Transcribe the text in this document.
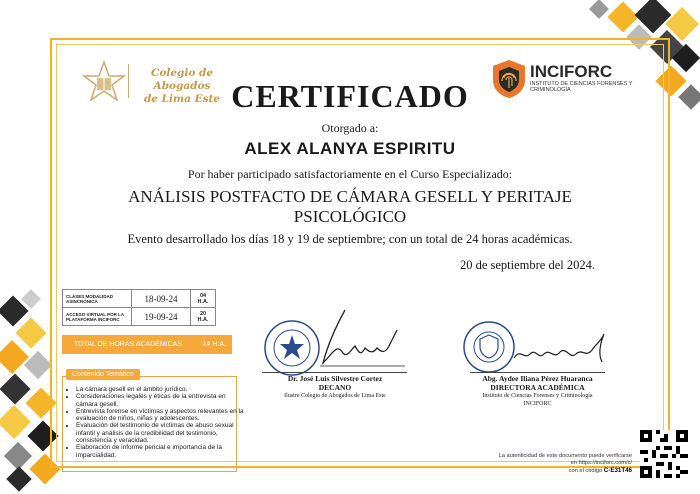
Colegio de Abogados
de Lima Este
INCIFORC
INSTITUTO DE CIENCIAS FORENSES Y CRIMINOLOGÍA
CERTIFICADO
Otorgado a:
ALEX ALANYA ESPIRITU
Por haber participado satisfactoriamente en el Curso Especializado:
ANÁLISIS POSTFACTO DE CÁMARA GESELL Y PERITAJE PSICOLÓGICO
Evento desarrollado los días 18 y 19 de septiembre; con un total de 24 horas académicas.
20 de septiembre del 2024.
CLASES MODALIDAD ASINCRÓNICA	18-09-24	04 H.A.
ACCESO VIRTUAL POR LA PLATAFORMA INCIFORC	19-09-24	20 H.A.
TOTAL DE HORAS ACADÉMICAS	24 H.A.
Contenido Temático
• La cámara gesell en el ámbito jurídico.
• Consideraciones legales y éticas de la entrevista en cámara gesell.
• Entrevista forense en víctimas y aspectos relevantes en la evaluación de niños, niñas y adolescentes.
• Evaluación del testimonio de víctimas de abuso sexual infantil y análisis de la credibilidad del testimonio, consistencia y veracidad.
• Elaboración de informe pericial e importancia de la imparcialidad.
Dr. José Luis Silvestre Cortez
DECANO
Ilustre Colegio de Abogados de Lima Este
Abg. Aydee Iliana Pérez Huaranca
DIRECTORA ACADÉMICA
Instituto de Ciencias Forenses y Criminología
INCIFORC
La autenticidad de este documento puede verificarse
en https://inciforc.com/c/
con el código C-E31T46
